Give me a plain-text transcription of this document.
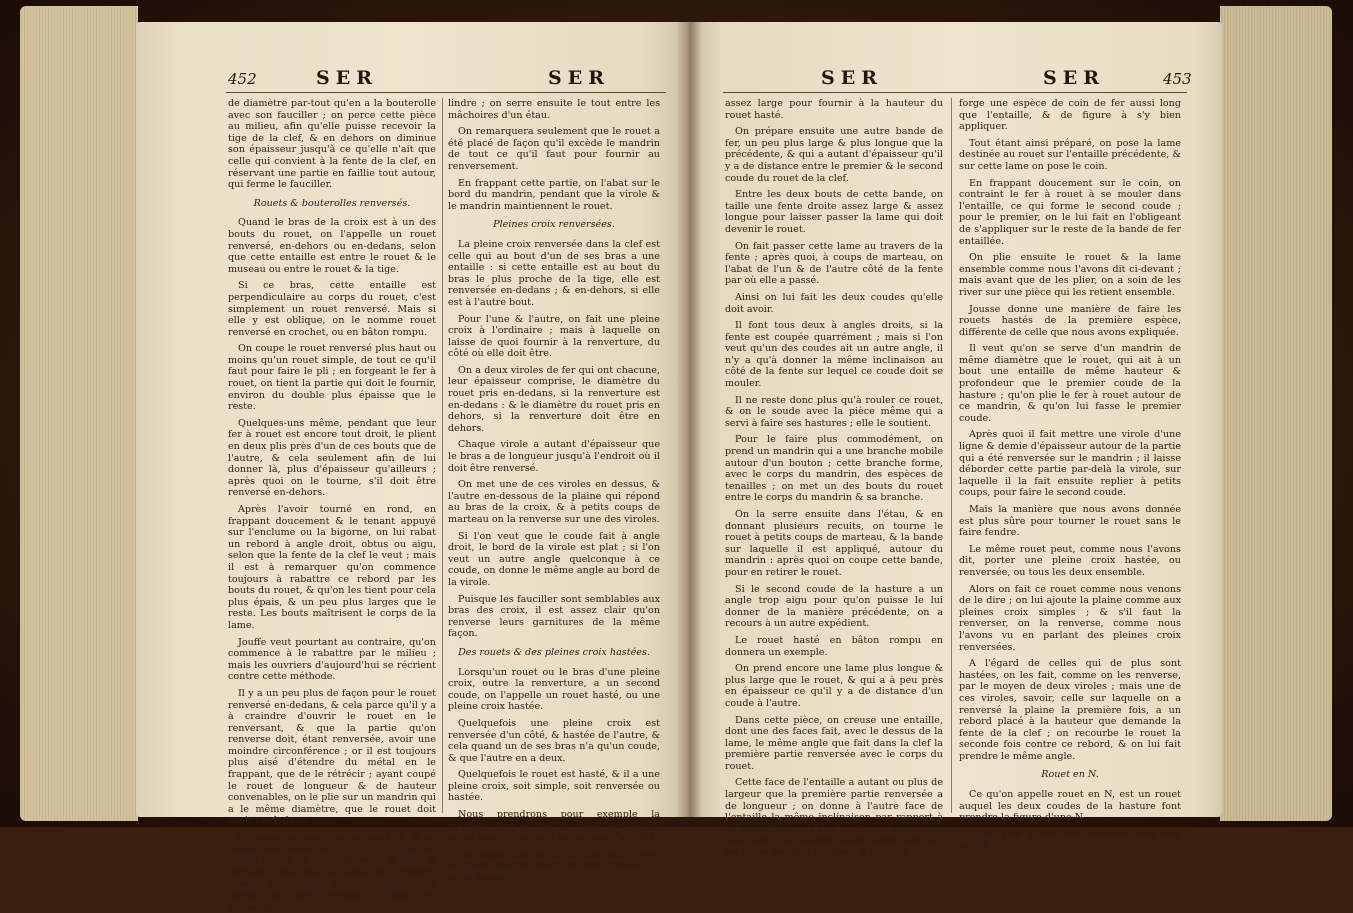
452	SER	SER

de diamètre par-tout qu'en a la bouterolle avec son fauciller ; on perce cette pièce au milieu, afin qu'elle puisse recevoir la tige de la clef, & en dehors on diminue son épaisseur jusqu'à ce qu'elle n'ait que celle qui convient à la fente de la clef, en réservant une partie en faillie tout autour, qui ferme le fauciller.

Rouets & bouterolles renversés.

Quand le bras de la croix est à un des bouts du rouet, on l'appelle un rouet renversé, en-dehors ou en-dedans, selon que cette entaille est entre le rouet & le museau ou entre le rouet & la tige.

Si ce bras, cette entaille est perpendiculaire au corps du rouet, c'est simplement un rouet renversé. Mais si elle y est oblique, on le nomme rouet renversé en crochet, ou en bâton rompu.

On coupe le rouet renversé plus haut ou moins qu'un rouet simple, de tout ce qu'il faut pour faire le pli ; en forgeant le fer à rouet, on tient la partie qui doit le fournir, environ du double plus épaisse que le reste.

Quelques-uns même, pendant que leur fer à rouet est encore tout droit, le plient en deux plis près d'un de ces bouts que de l'autre, & cela seulement afin de lui donner là, plus d'épaisseur qu'ailleurs ; après quoi on le tourne, s'il doit être renversé en-dehors.

Après l'avoir tourné en rond, en frappant doucement & le tenant appuyé sur l'enclume ou la bigorne, on lui rabat un rebord à angle droit, obtus ou aigu, selon que la fente de la clef le veut ; mais il est à remarquer qu'on commence toujours à rabattre ce rebord par les bouts du rouet, & qu'on les tient pour cela plus épais, & un peu plus larges que le reste. Les bouts maîtrisent le corps de la lame.

Jouffe veut pourtant au contraire, qu'on commence à le rabattre par le milieu ; mais les ouvriers d'aujourd'hui se récrient contre cette méthode.

Il y a un peu plus de façon pour le rouet renversé en-dedans, & cela parce qu'il y a à craindre d'ouvrir le rouet en le renversant, & que la partie qu'on renverse doit, étant renversée, avoir une moindre circonférence ; or il est toujours plus aisé d'étendre du métal en le frappant, que de le rétrécir ; ayant coupé le rouet de longueur & de hauteur convenables, on le plie sur un mandrin qui a le même diamètre, que le rouet doit avoir en-dedans.

On laisse le rouet sur ce mandrin, & on prend une virole de fer qui n'a pas un cercle entier de circonférence, & dont le diamètre est égal à celui du cylindre revêtu du rouet ; on met cette virole autour du rouet, comme le rouet est autour du cy-

lindre ; on serre ensuite le tout entre les mâchoires d'un étau.

On remarquera seulement que le rouet a été placé de façon qu'il excède le mandrin de tout ce qu'il faut pour fournir au renversement.

En frappant cette partie, on l'abat sur le bord du mandrin, pendant que la virole & le mandrin maintiennent le rouet.

Pleines croix renversées.

La pleine croix renversée dans la clef est celle qui au bout d'un de ses bras a une entaille : si cette entaille est au bout du bras le plus proche de la tige, elle est renversée en-dedans ; & en-dehors, si elle est à l'autre bout.

Pour l'une & l'autre, on fait une pleine croix à l'ordinaire ; mais à laquelle on laisse de quoi fournir à la renverture, du côté où elle doit être.

On a deux viroles de fer qui ont chacune, leur épaisseur comprise, le diamètre du rouet pris en-dedans, si la renverture est en-dedans : & le diamètre du rouet pris en dehors, si la renverture doit être en dehors.

Chaque virole a autant d'épaisseur que le bras a de longueur jusqu'à l'endroit où il doit être renversé.

On met une de ces viroles en dessus, & l'autre en-dessous de la plaine qui répond au bras de la croix, & à petits coups de marteau on la renverse sur une des viroles.

Si l'on veut que le coude fait à angle droit, le bord de la virole est plat ; si l'on veut un autre angle quelconque à ce coude, on donne le même angle au bord de la virole.

Puisque les fauciller sont semblables aux bras des croix, il est assez clair qu'on renverse leurs garnitures de la même façon.

Des rouets & des pleines croix hastées.

Lorsqu'un rouet ou le bras d'une pleine croix, outre la renverture, a un second coude, on l'appelle un rouet hasté, ou une pleine croix hastée.

Quelquefois une pleine croix est renversée d'un côté, & hastée de l'autre, & cela quand un de ses bras n'a qu'un coude, & que l'autre en a deux.

Quelquefois le rouet est hasté, & il a une pleine croix, soit simple, soit renversée ou hastée.

Nous prendrons pour exemple la manière dont on fait un rouet simple qui porte une pleine croix renversée d'un côté.

On coupe la bande de fer qui doit former le rouet, comme pour un rouet simple, & on la prend

SER	SER	453

assez large pour fournir à la hauteur du rouet hasté.

On prépare ensuite une autre bande de fer, un peu plus large & plus longue que la précédente, & qui a autant d'épaisseur qu'il y a de distance entre le premier & le second coude du rouet de la clef.

Entre les deux bouts de cette bande, on taille une fente droite assez large & assez longue pour laisser passer la lame qui doit devenir le rouet.

On fait passer cette lame au travers de la fente ; après quoi, à coups de marteau, on l'abat de l'un & de l'autre côté de la fente par où elle a passé.

Ainsi on lui fait les deux coudes qu'elle doit avoir.

Il font tous deux à angles droits, si la fente est coupée quarrément ; mais si l'on veut qu'un des coudes ait un autre angle, il n'y a qu'à donner la même inclinaison au côté de la fente sur lequel ce coude doit se mouler.

Il ne reste donc plus qu'à rouler ce rouet, & on le soude avec la pièce même qui a servi à faire ses hastures ; elle le soutient.

Pour le faire plus commodément, on prend un mandrin qui a une branche mobile autour d'un bouton ; cette branche forme, avec le corps du mandrin, des espèces de tenailles ; on met un des bouts du rouet entre le corps du mandrin & sa branche.

On la serre ensuite dans l'étau, & en donnant plusieurs recuits, on tourne le rouet à petits coups de marteau, & la bande sur laquelle il est appliqué, autour du mandrin : après quoi on coupe cette bande, pour en retirer le rouet.

Si le second coude de la hasture a un angle trop aigu pour qu'on puisse le lui donner de la manière précédente, on a recours à un autre expédient.

Le rouet hasté en bâton rompu en donnera un exemple.

On prend encore une lame plus longue & plus large que le rouet, & qui a à peu près en épaisseur ce qu'il y a de distance d'un coude à l'autre.

Dans cette pièce, on creuse une entaille, dont une des faces fait, avec le dessus de la lame, le même angle que fait dans la clef la première partie renversée avec le corps du rouet.

Cette face de l'entaille a autant ou plus de largeur que la première partie renversée a de longueur ; on donne à l'autre face de l'entaille la même inclinaison par rapport à la précédente, qu'à la partie du rouet, qui vient après le second coude, avec celle qui est entre les deux coudes ; & enfin on

forge une espèce de coin de fer aussi long que l'entaille, & de figure à s'y bien appliquer.

Tout étant ainsi préparé, on pose la lame destinée au rouet sur l'entaille précédente, & sur cette lame on pose le coin.

En frappant doucement sur le coin, on contraint le fer à rouet à se mouler dans l'entaille, ce qui forme le second coude ; pour le premier, on le lui fait en l'obligeant de s'appliquer sur le reste de la bande de fer entaillée.

On plie ensuite le rouet & la lame ensemble comme nous l'avons dit ci-devant ; mais avant que de les plier, on a soin de les river sur une pièce qui les retient ensemble.

Jousse donne une manière de faire les rouets hastés de la première espèce, différente de celle que nous avons expliquée.

Il veut qu'on se serve d'un mandrin de même diamètre que le rouet, qui ait à un bout une entaille de même hauteur & profondeur que le premier coude de la hasture ; qu'on plie le fer à rouet autour de ce mandrin, & qu'on lui fasse le premier coude.

Après quoi il fait mettre une virole d'une ligne & demie d'épaisseur autour de la partie qui a été renversée sur le mandrin ; il laisse déborder cette partie par-delà la virole, sur laquelle il la fait ensuite replier à petits coups, pour faire le second coude.

Mais la manière que nous avons donnée est plus sûre pour tourner le rouet sans le faire fendre.

Le même rouet peut, comme nous l'avons dit, porter une pleine croix hastée, ou renversée, ou tous les deux ensemble.

Alors on fait ce rouet comme nous venons de le dire ; on lui ajoute la plaine comme aux pleines croix simples ; & s'il faut la renverser, on la renverse, comme nous l'avons vu en parlant des pleines croix renversées.

A l'égard de celles qui de plus sont hastées, on les fait, comme on les renverse, par le moyen de deux viroles ; mais une de ces viroles, savoir, celle sur laquelle on a renversé la plaine la première fois, a un rebord placé à la hauteur que demande la fente de la clef ; on recourbe le rouet la seconde fois contre ce rebord, & on lui fait prendre le même angle.

Rouet en N.

Ce qu'on appelle rouet en N, est un rouet auquel les deux coudes de la hasture font prendre la figure d'une N.

Il est aisé d'imaginer comment doit être taillée
